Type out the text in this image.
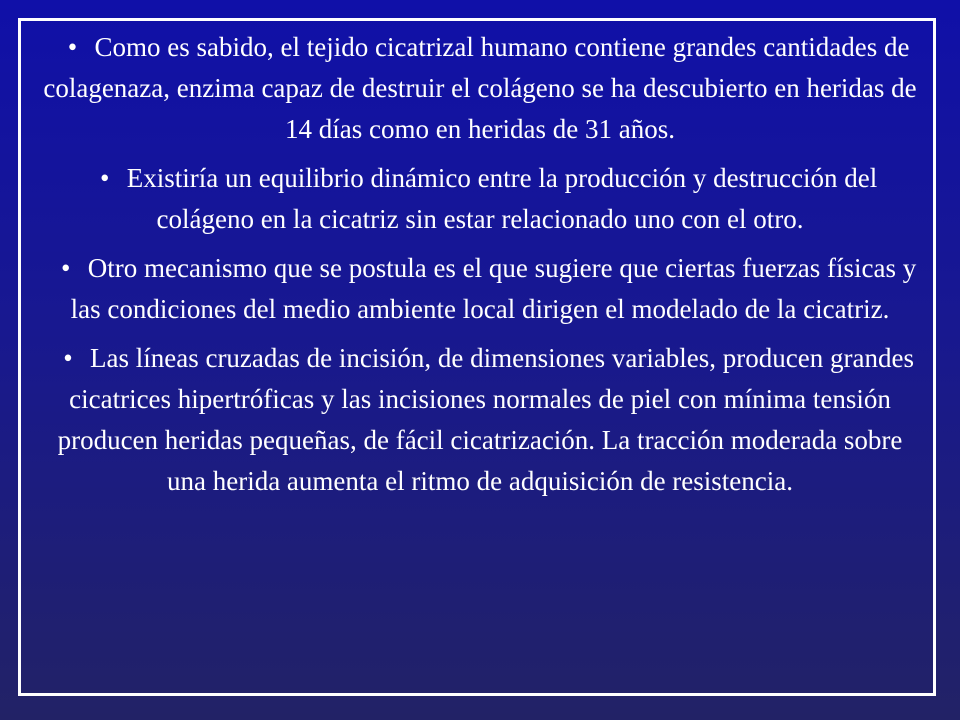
• Como es sabido, el tejido cicatrizal humano contiene grandes cantidades de colagenaza, enzima capaz de destruir el colágeno se ha descubierto en heridas de 14 días como en heridas de 31 años.
• Existiría un equilibrio dinámico entre la producción y destrucción del colágeno en la cicatriz sin estar relacionado uno con el otro.
• Otro mecanismo que se postula es el que sugiere que ciertas fuerzas físicas y las condiciones del medio ambiente local dirigen el modelado de la cicatriz.
• Las líneas cruzadas de incisión, de dimensiones variables, producen grandes cicatrices hipertróficas y las incisiones normales de piel con mínima tensión producen heridas pequeñas, de fácil cicatrización. La tracción moderada sobre una herida aumenta el ritmo de adquisición de resistencia.
